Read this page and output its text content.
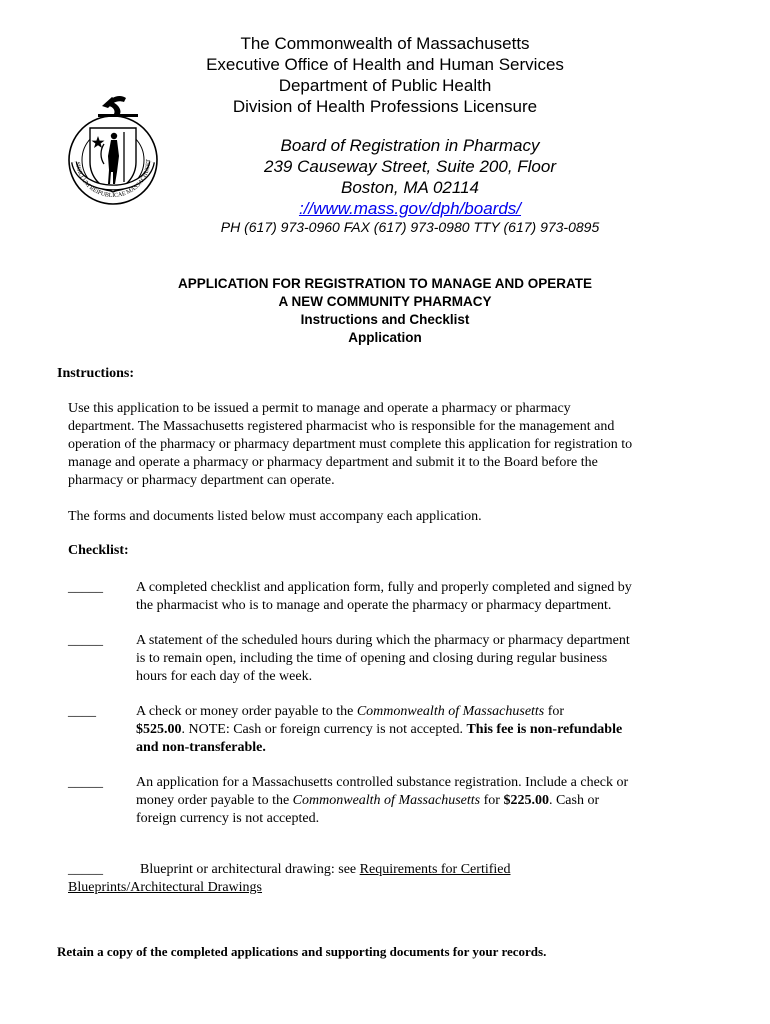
The Commonwealth of Massachusetts
Executive Office of Health and Human Services
Department of Public Health
Division of Health Professions Licensure
Board of Registration in Pharmacy
239 Causeway Street, Suite 200, Floor
Boston, MA 02114
://www.mass.gov/dph/boards/
PH (617) 973-0960 FAX (617) 973-0980 TTY (617) 973-0895
SIGILLUM REIPUBLICAE MASSACHUSET
APPLICATION FOR REGISTRATION TO MANAGE AND OPERATE
A NEW COMMUNITY PHARMACY
Instructions and Checklist
Application
Instructions:
Use this application to be issued a permit to manage and operate a pharmacy or pharmacy
department. The Massachusetts registered pharmacist who is responsible for the management and
operation of the pharmacy or pharmacy department must complete this application for registration to
manage and operate a pharmacy or pharmacy department and submit it to the Board before the
pharmacy or pharmacy department can operate.
The forms and documents listed below must accompany each application.
Checklist:
_____ A completed checklist and application form, fully and properly completed and signed by
the pharmacist who is to manage and operate the pharmacy or pharmacy department.
_____ A statement of the scheduled hours during which the pharmacy or pharmacy department
is to remain open, including the time of opening and closing during regular business
hours for each day of the week.
____	A check or money order payable to the Commonwealth of Massachusetts for
$525.00. NOTE: Cash or foreign currency is not accepted. This fee is non-refundable
and non-transferable.
_____ An application for a Massachusetts controlled substance registration. Include a check or
money order payable to the Commonwealth of Massachusetts for $225.00. Cash or
foreign currency is not accepted.
_____	Blueprint or architectural drawing: see Requirements for Certified
Blueprints/Architectural Drawings
Retain a copy of the completed applications and supporting documents for your records.
